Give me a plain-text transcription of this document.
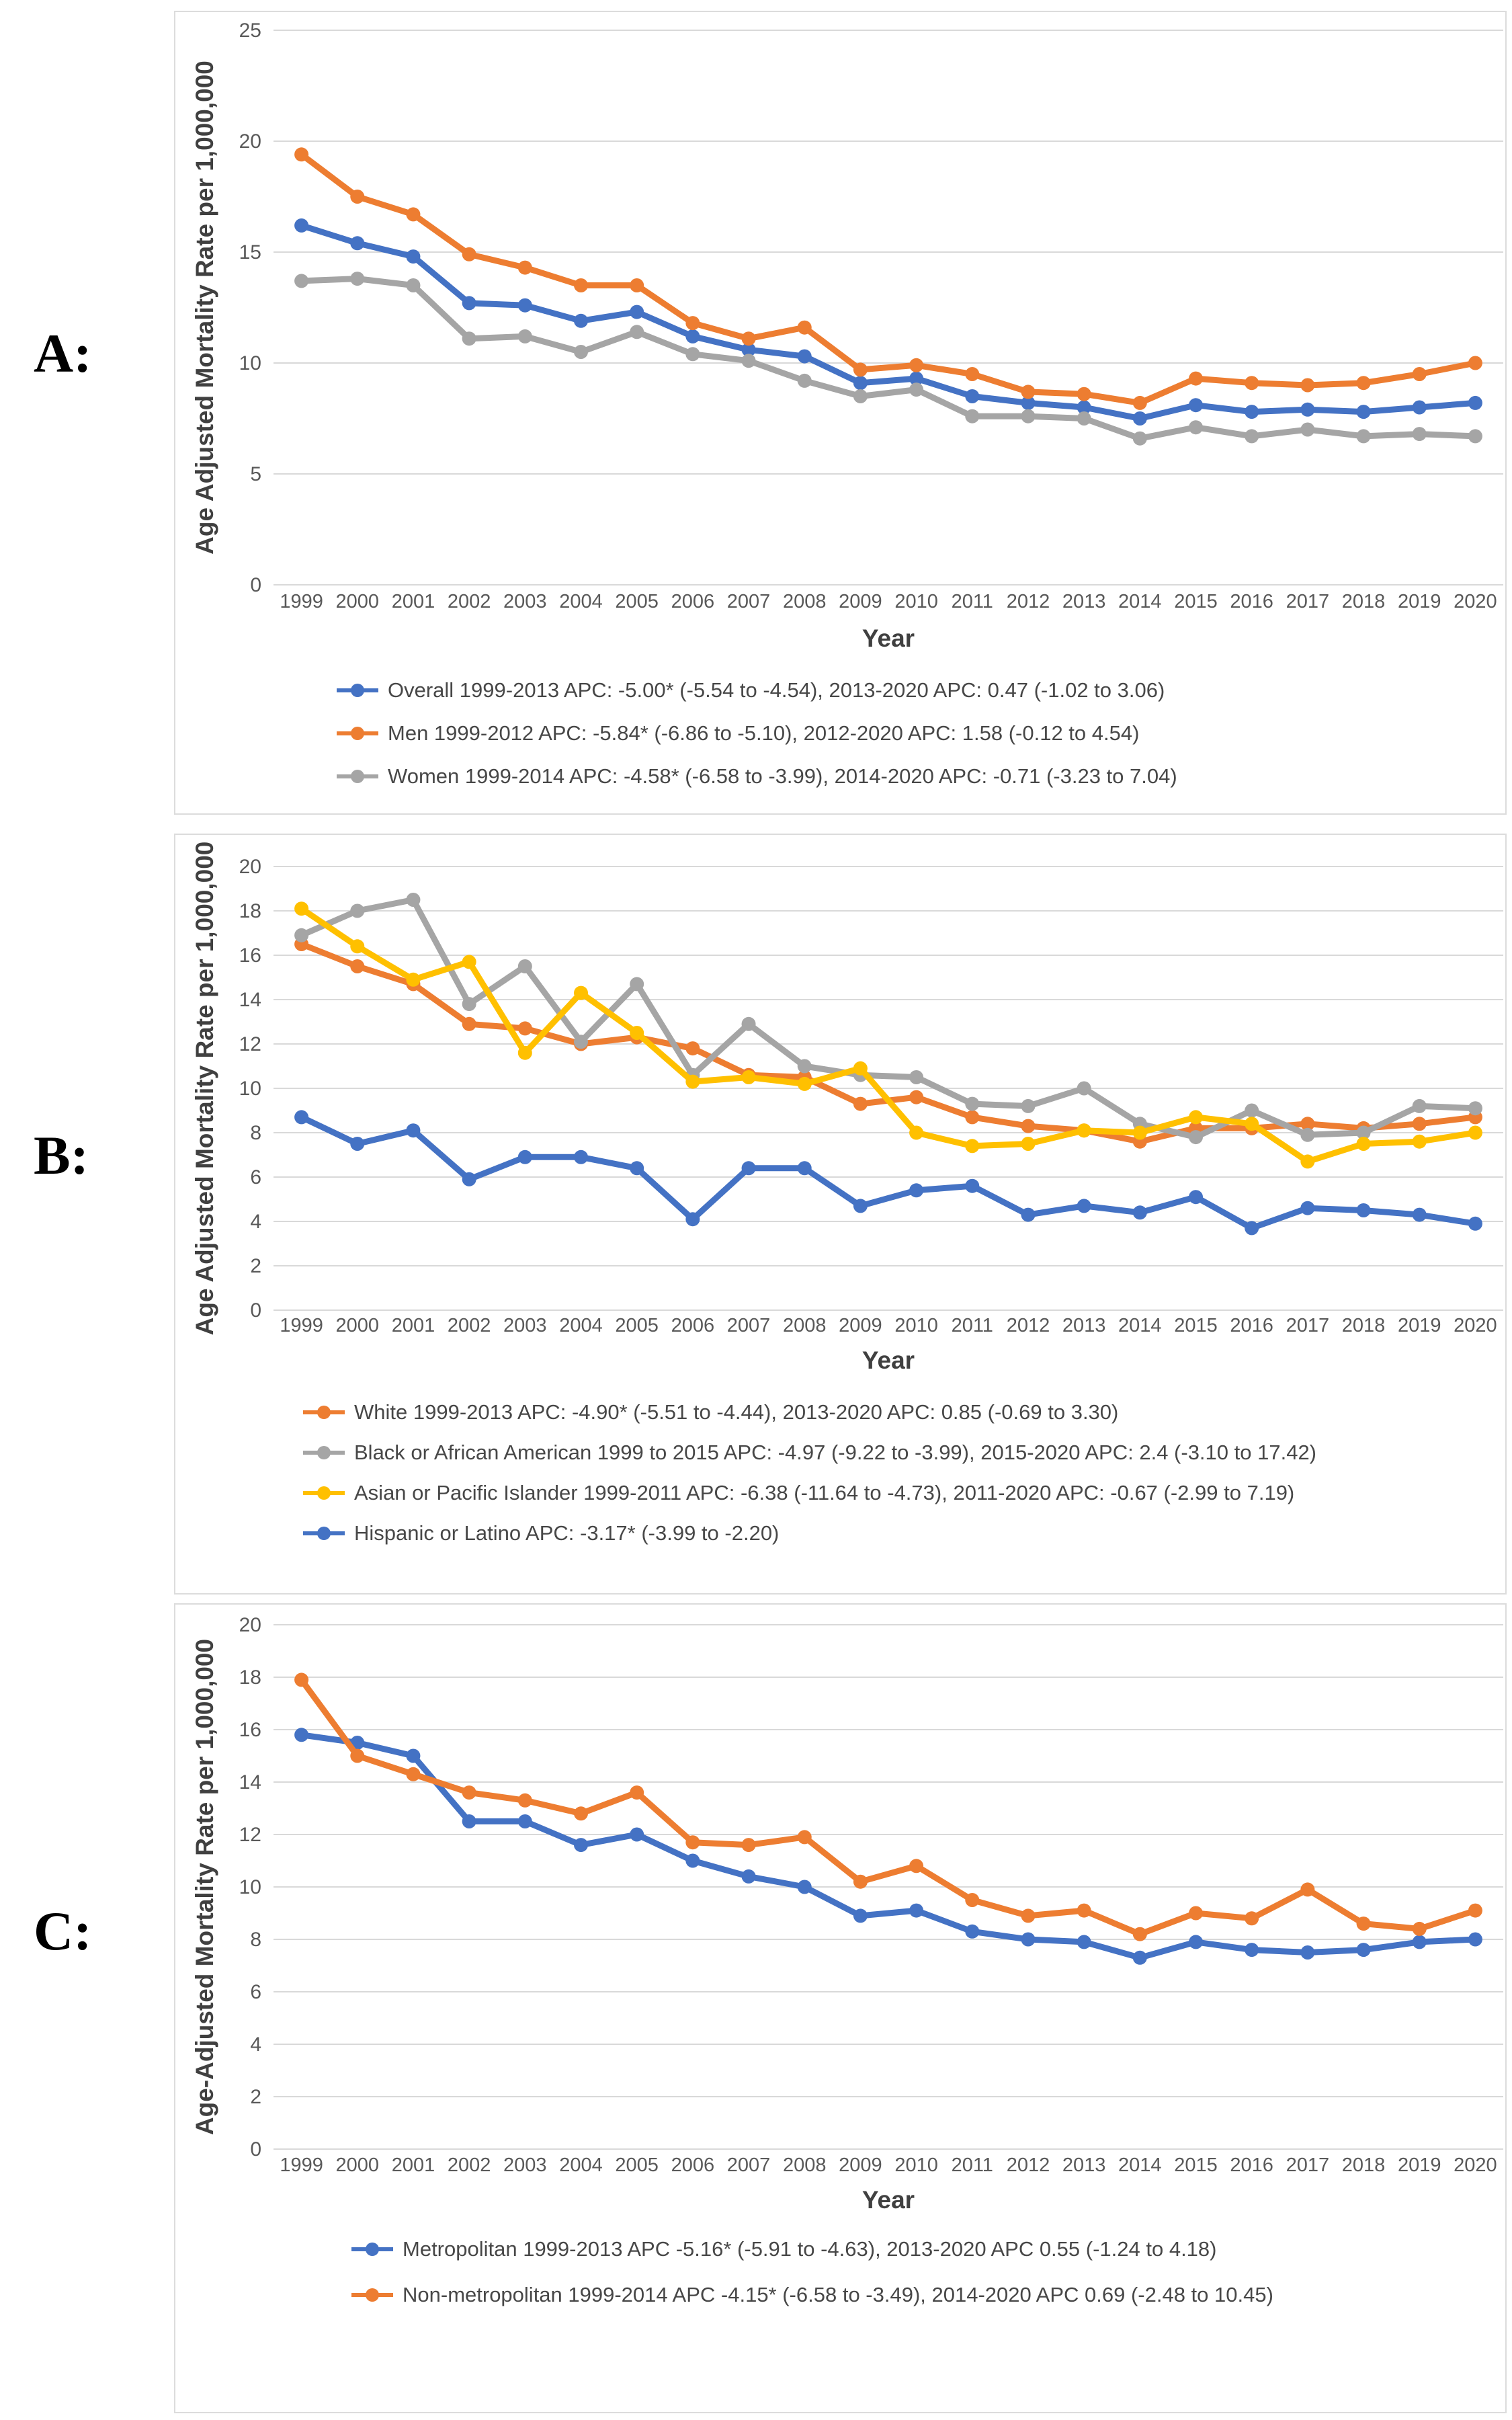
A:
B:
C:
0
5
10
15
20
25
Age Adjusted Mortality Rate per 1,000,000
1999 2000 2001 2002 2003 2004 2005 2006 2007 2008 2009 2010 2011 2012 2013 2014 2015 2016 2017 2018 2019 2020
Year
Overall 1999-2013 APC: -5.00* (-5.54 to -4.54), 2013-2020 APC: 0.47 (-1.02 to 3.06)
Men 1999-2012 APC: -5.84* (-6.86 to -5.10), 2012-2020 APC: 1.58 (-0.12 to 4.54)
Women 1999-2014 APC: -4.58* (-6.58 to -3.99), 2014-2020 APC: -0.71 (-3.23 to 7.04)
0
2
4
6
8
10
12
14
16
18
20
Age Adjusted Mortality Rate per 1,000,000	1999 2000 2001 2002 2003 2004 2005 2006 2007 2008 2009 2010 2011 2012 2013 2014 2015 2016 2017 2018 2019 2020
Year
White 1999-2013 APC: -4.90* (-5.51 to -4.44), 2013-2020 APC: 0.85 (-0.69 to 3.30)
Black or African American 1999 to 2015 APC: -4.97 (-9.22 to -3.99), 2015-2020 APC: 2.4 (-3.10 to 17.42)
Asian or Pacific Islander 1999-2011 APC: -6.38 (-11.64 to -4.73), 2011-2020 APC: -0.67 (-2.99 to 7.19)
Hispanic or Latino APC: -3.17* (-3.99 to -2.20)
0
2
4
6
8
10
12
14
16
18
20
Age-Adjusted Mortality Rate per 1,000,000
1999 2000 2001 2002 2003 2004 2005 2006 2007 2008 2009 2010 2011 2012 2013 2014 2015 2016 2017 2018 2019 2020
Year
Metropolitan 1999-2013 APC -5.16* (-5.91 to -4.63), 2013-2020 APC 0.55 (-1.24 to 4.18)
Non-metropolitan 1999-2014 APC -4.15* (-6.58 to -3.49), 2014-2020 APC 0.69 (-2.48 to 10.45)
